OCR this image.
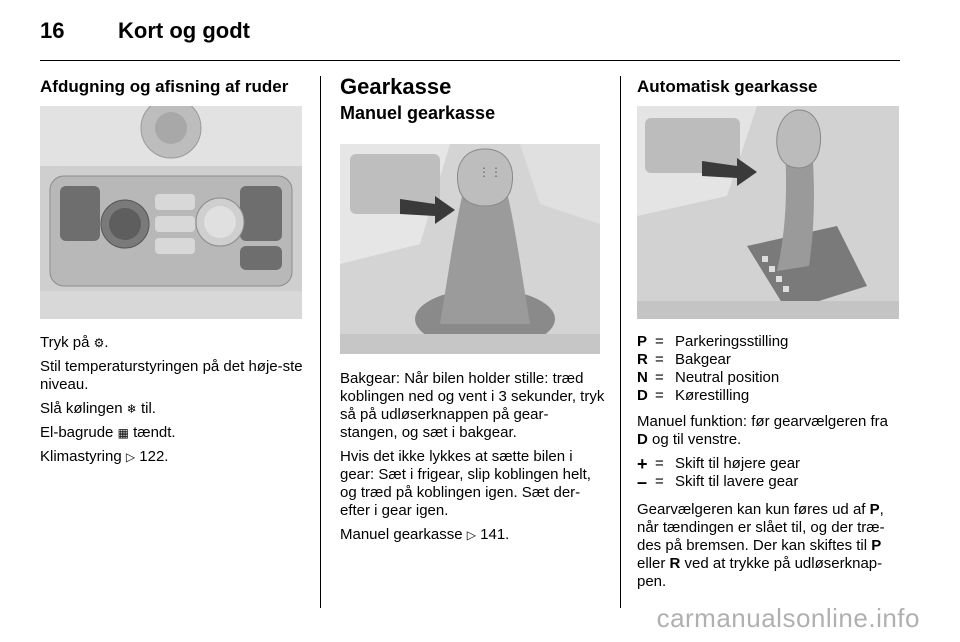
16 Kort og godt
Afdugning og afisning af ruder

Tryk på ⚙.

Stil temperaturstyringen på det høje-ste niveau.

Slå kølingen ❄ til.

El-bagrude ▦ tændt.

Klimastyring ▷ 122.

Gearkasse
Manuel gearkasse
⋮⋮

Bakgear: Når bilen holder stille: træd koblingen ned og vent i 3 sekunder, tryk så på udløserknappen på gear-stangen, og sæt i bakgear.

Hvis det ikke lykkes at sætte bilen i gear: Sæt i frigear, slip koblingen helt, og træd på koblingen igen. Sæt der-efter i gear igen.

Manuel gearkasse ▷ 141.

Automatisk gearkasse
P = Parkeringsstilling
R = Bakgear
N = Neutral position
D = Kørestilling

Manuel funktion: før gearvælgeren fra D og til venstre.

+ = Skift til højere gear
– = Skift til lavere gear

Gearvælgeren kan kun føres ud af P, når tændingen er slået til, og der træ-des på bremsen. Der kan skiftes til P eller R ved at trykke på udløserknap-pen.

carmanualsonline.info
